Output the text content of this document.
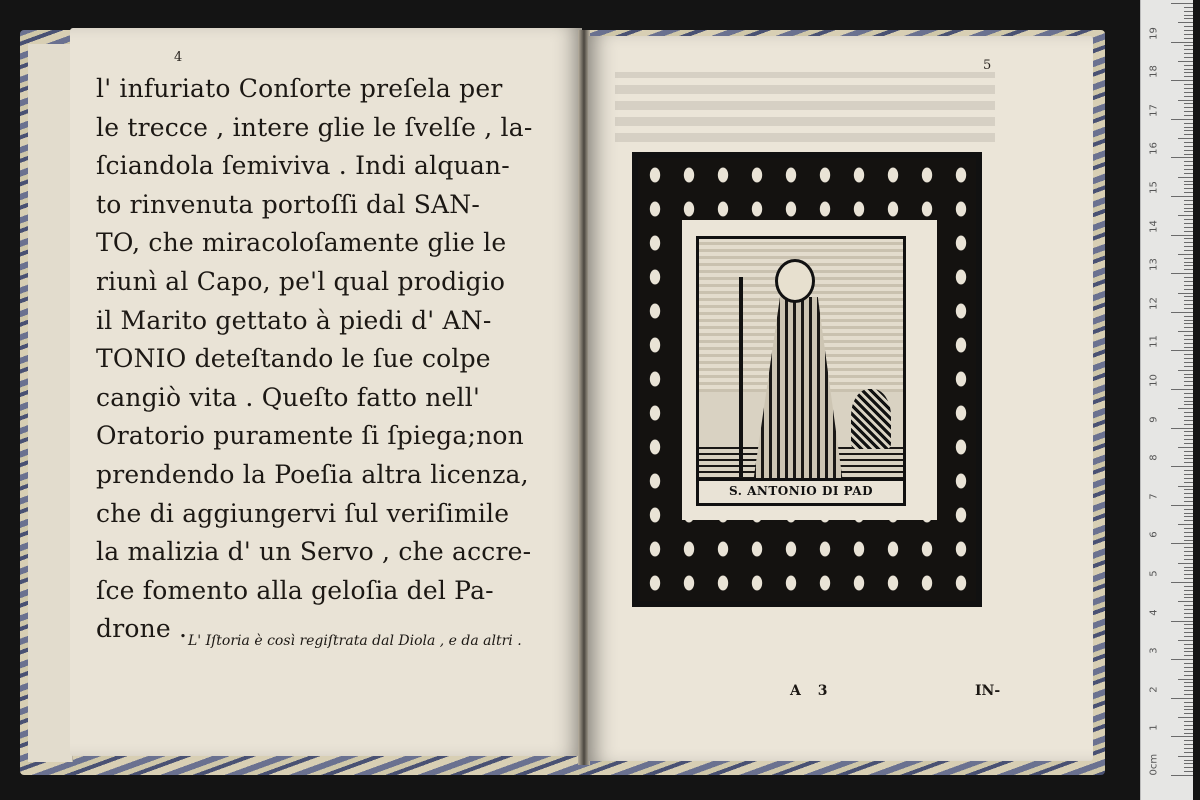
4
5
l' infuriato Conſorte preſela per
le trecce , intere glie le ſvelſe , la-
ſciandola ſemiviva . Indi alquan-
to rinvenuta portoſſi dal SAN-
TO, che miracoloſamente glie le
riunì al Capo, pe'l qual prodigio
il Marito gettato à piedi d' AN-
TONIO deteſtando le ſue colpe
cangiò vita . Queſto fatto nell'
Oratorio puramente ſi ſpiega;non
prendendo la Poeſia altra licenza,
che di aggiungervi ſul veriſimile
la malizia d' un Servo , che accre-
ſce fomento alla geloſia del Pa-
drone . L' Iſtoria è così regiſtrata dal Diola , e da altri .
S. ANTONIO DI PAD
A 3	IN-
0cm
1
2
3
4
5
6
7
8
9
10
11
12
13
14
15
16
17
18
19
